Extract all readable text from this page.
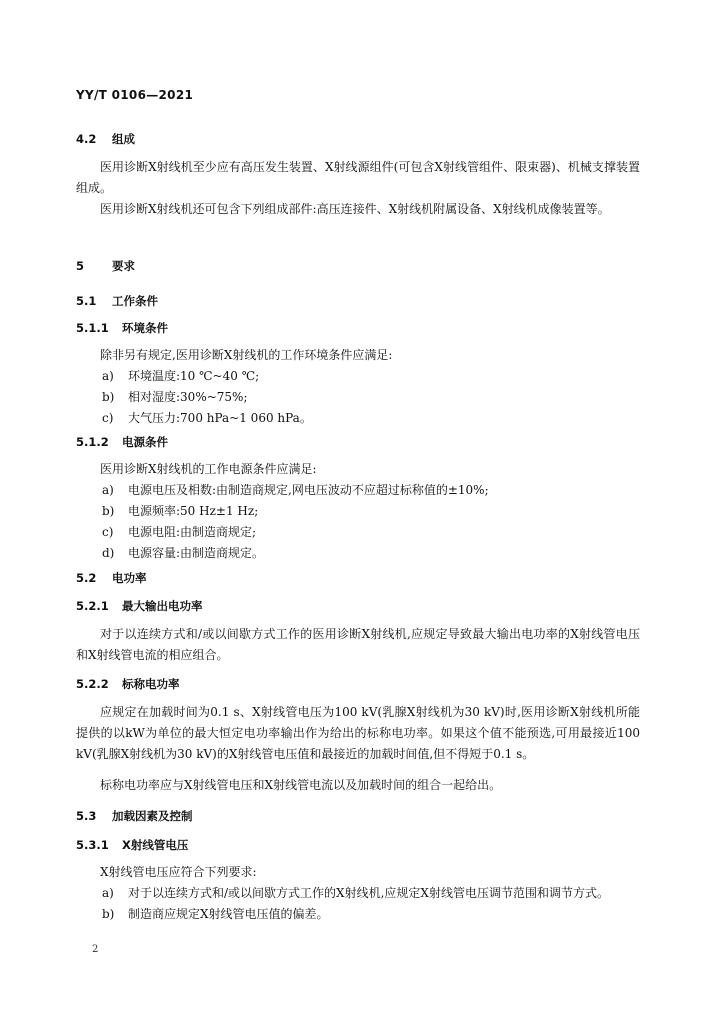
YY/T 0106—2021
4.2 组成

医用诊断X射线机至少应有高压发生装置、X射线源组件(可包含X射线管组件、限束器)、机械支撑装置组成。

医用诊断X射线机还可包含下列组成部件:高压连接件、X射线机附属设备、X射线机成像装置等。

5 要求
5.1 工作条件
5.1.1 环境条件

除非另有规定,医用诊断X射线机的工作环境条件应满足:

a) 环境温度:10 ℃~40 ℃;
b) 相对湿度:30%~75%;
c) 大气压力:700 hPa~1 060 hPa。
5.1.2 电源条件

医用诊断X射线机的工作电源条件应满足:

a) 电源电压及相数:由制造商规定,网电压波动不应超过标称值的±10%;
b) 电源频率:50 Hz±1 Hz;
c) 电源电阻:由制造商规定;
d) 电源容量:由制造商规定。
5.2 电功率
5.2.1 最大输出电功率

对于以连续方式和/或以间歇方式工作的医用诊断X射线机,应规定导致最大输出电功率的X射线管电压和X射线管电流的相应组合。

5.2.2 标称电功率

应规定在加载时间为0.1 s、X射线管电压为100 kV(乳腺X射线机为30 kV)时,医用诊断X射线机所能提供的以kW为单位的最大恒定电功率输出作为给出的标称电功率。如果这个值不能预选,可用最接近100 kV(乳腺X射线机为30 kV)的X射线管电压值和最接近的加载时间值,但不得短于0.1 s。

标称电功率应与X射线管电压和X射线管电流以及加载时间的组合一起给出。

5.3 加载因素及控制
5.3.1 X射线管电压

X射线管电压应符合下列要求:

a) 对于以连续方式和/或以间歇方式工作的X射线机,应规定X射线管电压调节范围和调节方式。
b) 制造商应规定X射线管电压值的偏差。
2
